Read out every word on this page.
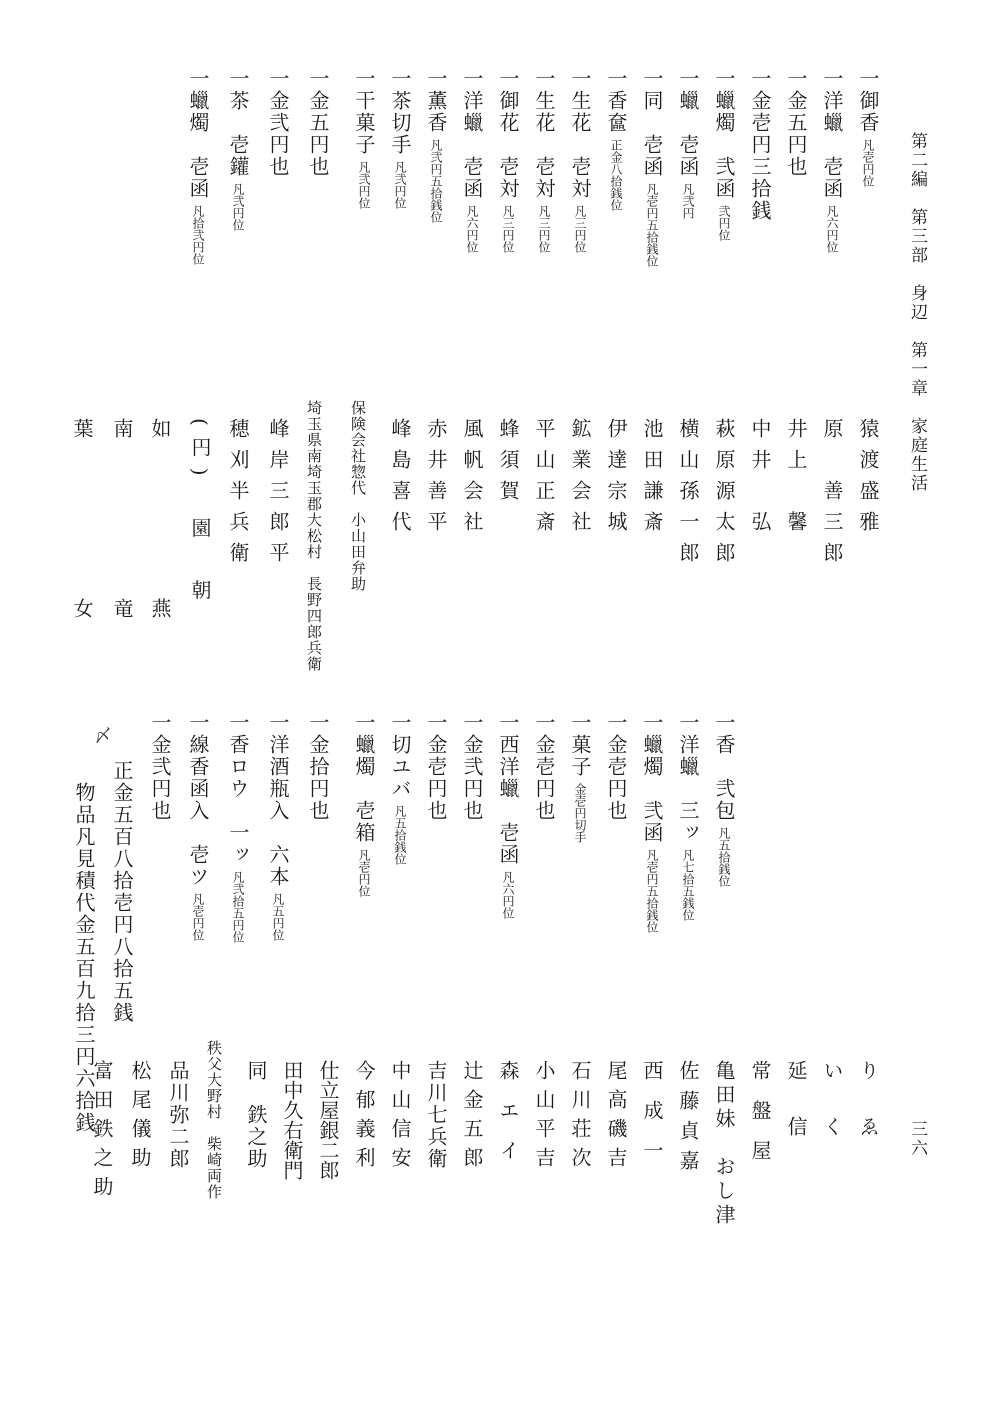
第二編　第三部　身辺　第一章　家庭生活
三六
一御香 凡壱円位
一洋蠟　壱函 凡六円位
一金五円也
一金壱円三拾銭
一蠟燭　弐函 弐円位
一蠟　壱函 凡弐円
一同　壱函 凡壱円五拾銭位
一香奩 正金八拾銭位
一生花　壱対 凡三円位
一生花　壱対 凡三円位
一御花　壱対 凡三円位
一洋蠟　壱函 凡六円位
一薫香 凡弐円五拾銭位
一茶切手 凡弐円位
一干菓子 凡弐円位
一金五円也
一金弐円也
一茶　壱鑵 凡弐円位
一蠟燭　壱函 凡拾弐円位
猿渡盛雅
原　善三郎
井上　馨
中井　弘
萩原源太郎
横山孫一郎
池田謙斎
伊達宗城
鉱業会社
平山正斎
蜂須賀
風帆会社
赤井善平
峰島喜代
保険会社惣代　小山田弁助
埼玉県南埼玉郡大松村　長野四郎兵衛
峰岸三郎平
穂刈半兵衛
(円)　園　朝
如　燕
南　竜
葉　女
一香　弐包 凡五拾銭位
一洋蠟　三ッ 凡七拾五銭位
一蠟燭　弐函 凡壱円五拾銭位
一金壱円也
一菓子 金壱円切手
一金壱円也
一西洋蠟　壱函 凡六円位
一金弐円也
一金壱円也
一切ユバ 凡五拾銭位
一蠟燭　壱箱 凡壱円位
一金拾円也
一洋酒瓶入　六本 凡五円位
一香ロウ　一ッ 凡弐拾五円位
一線香函入　壱ツ 凡壱円位
一金弐円也
〆
正金五百八拾壱円八拾五銭
物品凡見積代金五百九拾三円六拾銭	りゑ
いく
延信
常盤屋
亀田妹　おし津
佐藤貞嘉
西成一
尾高磯吉
石川荘次
小山平吉
森エイ
辻金五郎
吉川七兵衛
中山信安
今郁義利
仕立屋銀二郎
田中久右衛門
同　鉄之助
秩父大野村　柴崎両作
品川弥二郎
松尾儀助
富田鉄之助
